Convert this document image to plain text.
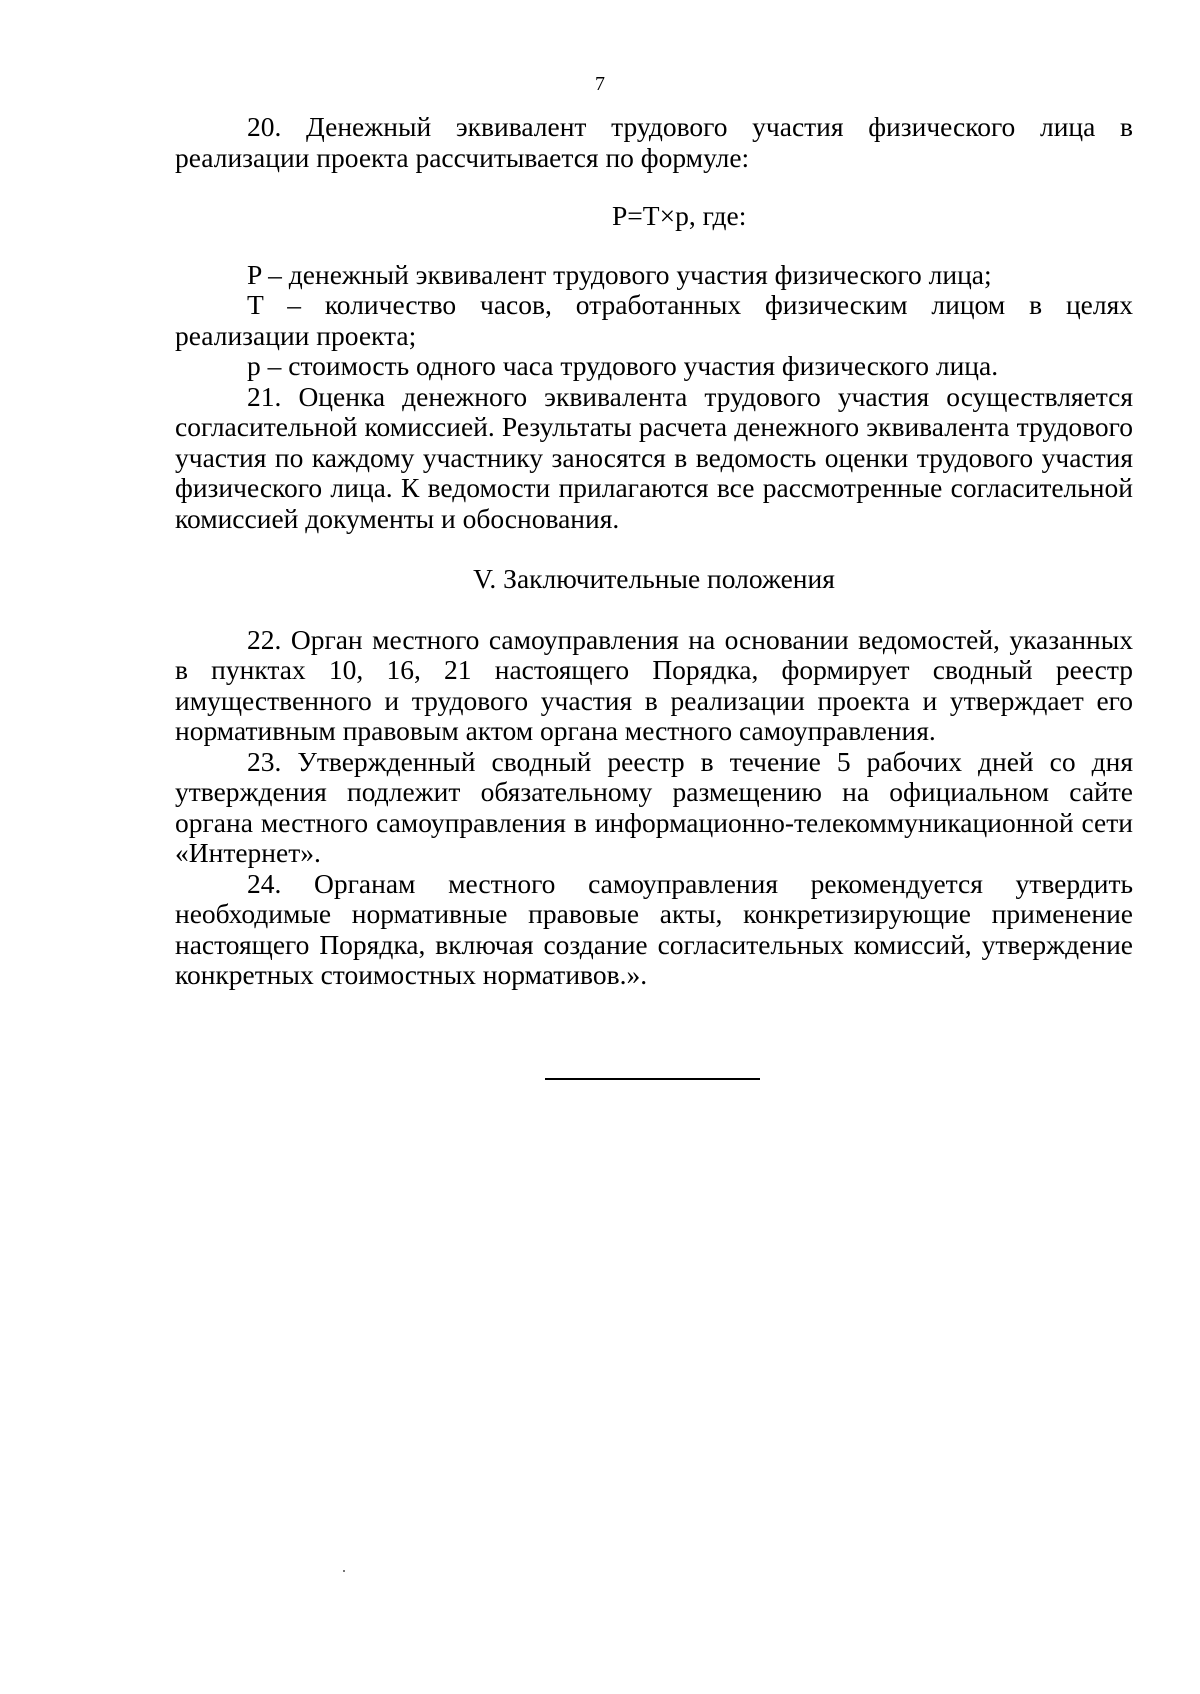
7

20. Денежный эквивалент трудового участия физического лица в реализации проекта рассчитывается по формуле:

P=T×p, где:

P – денежный эквивалент трудового участия физического лица;

T – количество часов, отработанных физическим лицом в целях реализации проекта;

p – стоимость одного часа трудового участия физического лица.

21. Оценка денежного эквивалента трудового участия осуществляется согласительной комиссией. Результаты расчета денежного эквивалента трудового участия по каждому участнику заносятся в ведомость оценки трудового участия физического лица. К ведомости прилагаются все рассмотренные согласительной комиссией документы и обоснования.

V. Заключительные положения

22. Орган местного самоуправления на основании ведомостей, указанных в пунктах 10, 16, 21 настоящего Порядка, формирует сводный реестр имущественного и трудового участия в реализации проекта и утверждает его нормативным правовым актом органа местного самоуправления.

23. Утвержденный сводный реестр в течение 5 рабочих дней со дня утверждения подлежит обязательному размещению на официальном сайте органа местного самоуправления в информационно-телекоммуникационной сети «Интернет».

24. Органам местного самоуправления рекомендуется утвердить необходимые нормативные правовые акты, конкретизирующие применение настоящего Порядка, включая создание согласительных комиссий, утверждение конкретных стоимостных нормативов.».
